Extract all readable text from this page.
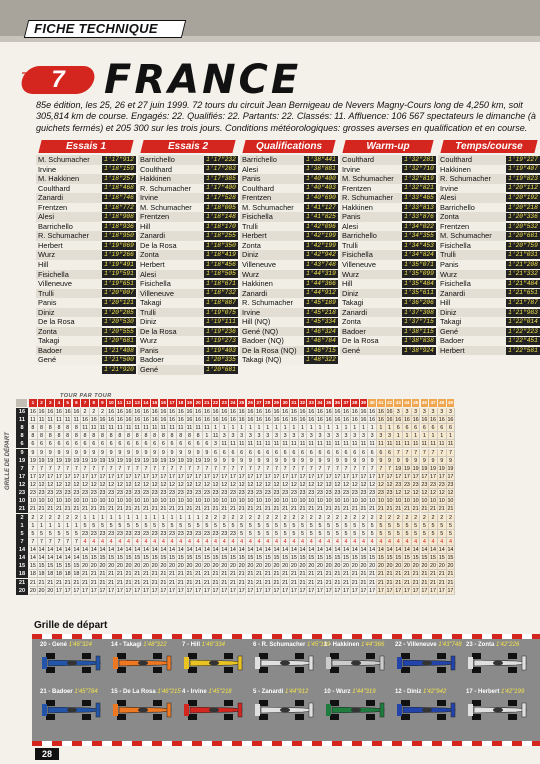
FICHE TECHNIQUE
7 FRANCE
85e édition, les 25, 26 et 27 juin 1999. 72 tours du circuit Jean Bernigeau de Nevers Magny-Cours long de 4,250 km, soit 305,814 km de course. Engagés: 22. Qualifiés: 22. Partants: 22. Classés: 11. Affluence: 106 567 spectateurs le dimanche (à guichets fermés) et 205 300 sur les trois jours. Conditions météorologiques: grosses averses en qualification et en course.
Essais 1
M. Schumacher	1'17"912
Irvine	1'18"159
M. Hakkinen	1'18"257
Coulthard	1'18"468
Zanardi	1'18"746
Frentzen	1'18"772
Alesi	1'18"908
Barrichello	1'18"936
R. Schumacher	1'18"950
Herbert	1'19"069
Wurz	1'19"266
Hill	1'19"491
Fisichella	1'19"591
Villeneuve	1'19"651
Trulli	1'20"007
Panis	1'20"121
Diniz	1'20"285
De la Rosa	1'20"530
Zonta	1'20"555
Takagi	1'20"681
Badoer	1'21"408
Gené	1'21"500
1'21"920
Essais 2
Barrichello	1'17"232
Coulthard	1'17"283
Hakkinen	1'17"385
R. Schumacher	1'17"400
Irvine	1'17"528
M. Schumacher	1'18"005
Frentzen	1'18"148
Hill	1'18"170
Zanardi	1'18"255
De la Rosa	1'18"350
Zonta	1'18"419
Herbert	1'18"456
Alesi	1'18"505
Fisichella	1'18"671
Villeneuve	1'18"732
Takagi	1'18"887
Trulli	1'19"075
Diniz	1'19"111
De la Rosa	1'19"236
Wurz	1'19"273
Panis	1'19"403
Badoer	1'20"335
Gené	1'20"681
Qualifications
Barrichello	1'38"441
Alesi	1'38"881
Panis	1'40"400
Coulthard	1'40"403
Frentzen	1'40"690
M. Schumacher	1'41"127
Fisichella	1'41"825
Trulli	1'42"096
Herbert	1'42"199
Zonta	1'42"199
Diniz	1'42"942
Villeneuve	1'43"748
Wurz	1'44"319
Hakkinen	1'44"366
Zanardi	1'44"912
R. Schumacher	1'45"189
Irvine	1'45"218
Hill (NQ)	1'45"334
Gené (NQ)	1'46"324
Badoer (NQ)	1'46"784
De la Rosa (NQ)	1'46"715
Takagi (NQ)	1'48"322
Warm-up
Coulthard	1'32"281
Irvine	1'32"710
M. Schumacher	1'32"819
Frentzen	1'32"821
R. Schumacher	1'33"465
Hakkinen	1'33"813
Panis	1'33"876
Alesi	1'34"022
Barrichello	1'34"355
Trulli	1'34"453
Fisichella	1'34"824
Villeneuve	1'35"071
Wurz	1'35"099
Hill	1'35"484
Diniz	1'35"611
Takagi	1'36"206
Zanardi	1'37"308
Zonta	1'37"715
Badoer	1'38"115
De la Rosa	1'38"838
Gené	1'38"924
Temps/course
Coulthard	1'19"227
Hakkinen	1'19"407
R. Schumacher	1'19"823
Irvine	1'20"112
Alesi	1'20"192
Barrichello	1'20"218
Zonta	1'20"336
Frentzen	1'20"532
M. Schumacher	1'20"681
Fisichella	1'20"759
Trulli	1'21"031
Panis	1'21"208
Wurz	1'21"332
Fisichella	1'21"484
Zanardi	1'21"651
Hill	1'21"787
Diniz	1'21"983
Takagi	1'22"014
Gené	1'22"223
Badoer	1'22"451
Herbert	1'22"581
TOUR PAR TOUR
GRILLE DE DÉPART
1	2	3	4	5	6	7	8	9	10 11 12 13 14 15 16 17 18 19 20 21 22 23 24 25 26 27 28 29 30 31 32 33 34 35 36 37 38 39 40 41 42 43 44 45 46 47 48 49
16 16 16 16 16 16 16 2	2	2 16 16 16 16 16 16 16 16 16 16 16 16 16 16 16 16 16 16 16 16 16 16 16 16 16 16 16 16 16 16 16 16 16 3	3	3	3	3	3	3
11 11 11 11 11 11 11 16 16 16 16 16 16 16 16 16 16 16 16 16 16 16 16 16 16 16 16 16 16 16 16 16 16 16 16 16 16 16 16 16 16 16 16 16 16 16 16 16 16 16
8	8	8	8	8	8	8 11 11 11 11 11 11 11 11 11 11 11 11 11 11 11 1	1	1	1	1	1	1	1	1	1	1	1	1	1	1	1	1	1	1	1	1	6	6	6	6	6	6	6
8	8	8	8	8	8	8	8	8	8	8	8	8	8	8	8	8	8	8	8	8	1 11 3	3	3	3	3	3	3	3	3	3	3	3	3	3	3	3	3	3	3	3	1	1	1	1	1	1	1
6	6	6	6	6	6	6	6	6	6	6	6	6	6	6	6	6	6	6	6	6	6	3 11 11 11 11 11 11 11 11 11 11 11 11 11 11 11 11 11 11 11 11 11 11 11 11 11 11 11
9	9	9	9	9	9	9	9	9	9	9	9	9	9	9	9	9	9	9	9	9	9	6	6	6	6	6	6	6	6	6	6	6	6	6	6	6	6	6	6	6	6	6	7	7	7	7	7	7	7
19 19 19 19 19 19 19 19 19 19 19 19 19 19 19 19 19 19 19 19 19 19 9	9	9	9	9	9	9	9	9	9	9	9	9	9	9	9	9	9	9	9	9	9	9	9	9	9	9	9
7	7	7	7	7	7	7	7	7	7	7	7	7	7	7	7	7	7	7	7	7	7	7	7	7	7	7	7	7	7	7	7	7	7	7	7	7	7	7	7	7	7	7 19 19 19 19 19 19 19
17 17 17 17 17 17 17 17 17 17 17 17 17 17 17 17 17 17 17 17 17 17 17 17 17 17 17 17 17 17 17 17 17 17 17 17 17 17 17 17 17 17 17 17 17 17 17 17 17 17
12 12 12 12 12 12 12 12 12 12 12 12 12 12 12 12 12 12 12 12 12 12 12 12 12 12 12 12 12 12 12 12 12 12 12 12 12 12 12 12 12 12 12 23 23 23 23 23 23 23
23 23 23 23 23 23 23 23 23 23 23 23 23 23 23 23 23 23 23 23 23 23 23 23 23 23 23 23 23 23 23 23 23 23 23 23 23 23 23 23 23 23 23 12 12 12 12 12 12 12
10 10 10 10 10 10 10 10 10 10 10 10 10 10 10 10 10 10 10 10 10 10 10 10 10 10 10 10 10 10 10 10 10 10 10 10 10 10 10 10 10 10 10 10 10 10 10 10 10 10
21 21 21 21 21 21 21 21 21 21 21 21 21 21 21 21 21 21 21 21 21 21 21 21 21 21 21 21 21 21 21 21 21 21 21 21 21 21 21 21 21 21 21 21 21 21 21 21 21 21
2	2	2	2	2	2	2	1	1	1	1	1	1	1	1	1	1	1	1	1	1	2	2	2	2	2	2	2	2	2	2	2	2	2	2	2	2	2	2	2	2	2	2	2	2	2	2	2	2	2
1	1	1	1	1	1	1	5	5	5	5	5	5	5	5	5	5	5	5	5	5	5	5	5	5	5	5	5	5	5	5	5	5	5	5	5	5	5	5	5	5	5	5	5	5	5	5	5	5	5
5	5	5	5	5	5	5 23 23 23 23 23 23 23 23 23 23 23 23 23 23 23 23 23 23 5	5	5	5	5	5	5	5	5	5	5	5	5	5	5	5	5	5	5	5	5	5	5	5	5
7	7	7	7	7	7	7	4	4	4	4	4	4	4	4	4	4	4	4	4	4	4	4	4	4	4	4	4	4	4	4	4	4	4	4	4	4	4	4	4	4	4	4	4	4	4	4	4	4	4
14 14 14 14 14 14 14 14 14 14 14 14 14 14 14 14 14 14 14 14 14 14 14 14 14 14 14 14 14 14 14 14 14 14 14 14 14 14 14 14 14 14 14 14 14 14 14 14 14 14
14 14 14 14 14 14 14 15 15 15 15 15 15 15 15 15 15 15 15 15 15 15 15 15 15 15 15 15 15 15 15 15 15 15 15 15 15 15 15 15 15 15 15 15 15 15 15 15 15 15
15 15 15 15 15 15 15 20 20 20 20 20 20 20 20 20 20 20 20 20 20 20 20 20 20 20 20 20 20 20 20 20 20 20 20 20 20 20 20 20 20 20 20 20 20 20 20 20 20 20
18 18 18 18 18 18 18 21 21 21 21 21 21 21 21 21 21 21 21 21 21 21 21 21 21 21 21 21 21 21 21 21 21 21 21 21 21 21 21 21 21 21 21 21 21 21 21 21 21 21
21 21 21 21 21 21 21 21 21 21 21 21 21 21 21 21 21 21 21 21 21 21 21 21 21 21 21 21 21 21 21 21 21 21 21 21 21 21 21 21 21 21 21 21 21 21 21 21 21 21
20 20 20 20 17 17 17 17 17 17 17 17 17 17 17 17 17 17 17 17 17 17 17 17 17 17 17 17 17 17 17 17 17 17 17 17 17 17 17 17 17 17 17 17 17 17 17 17 17 17
Grille de départ
20 - Gené 1'46"324	14 - Takagi 1'48"322	7 - Hill 1'46"334	6 - R. Schumacher 1'45"189
1 - Hakkinen 1'44"366	22 - Villeneuve 1'43"748 23 - Zonta 1'42"226
21 - Badoer 1'45"784	15 - De La Rosa 1'46"215 4 - Irvine 1'45"218	5 - Zanardi 1'44"912	10 - Wurz 1'44"319	12 - Diniz 1'42"942	17 - Herbert 1'42"199
28
